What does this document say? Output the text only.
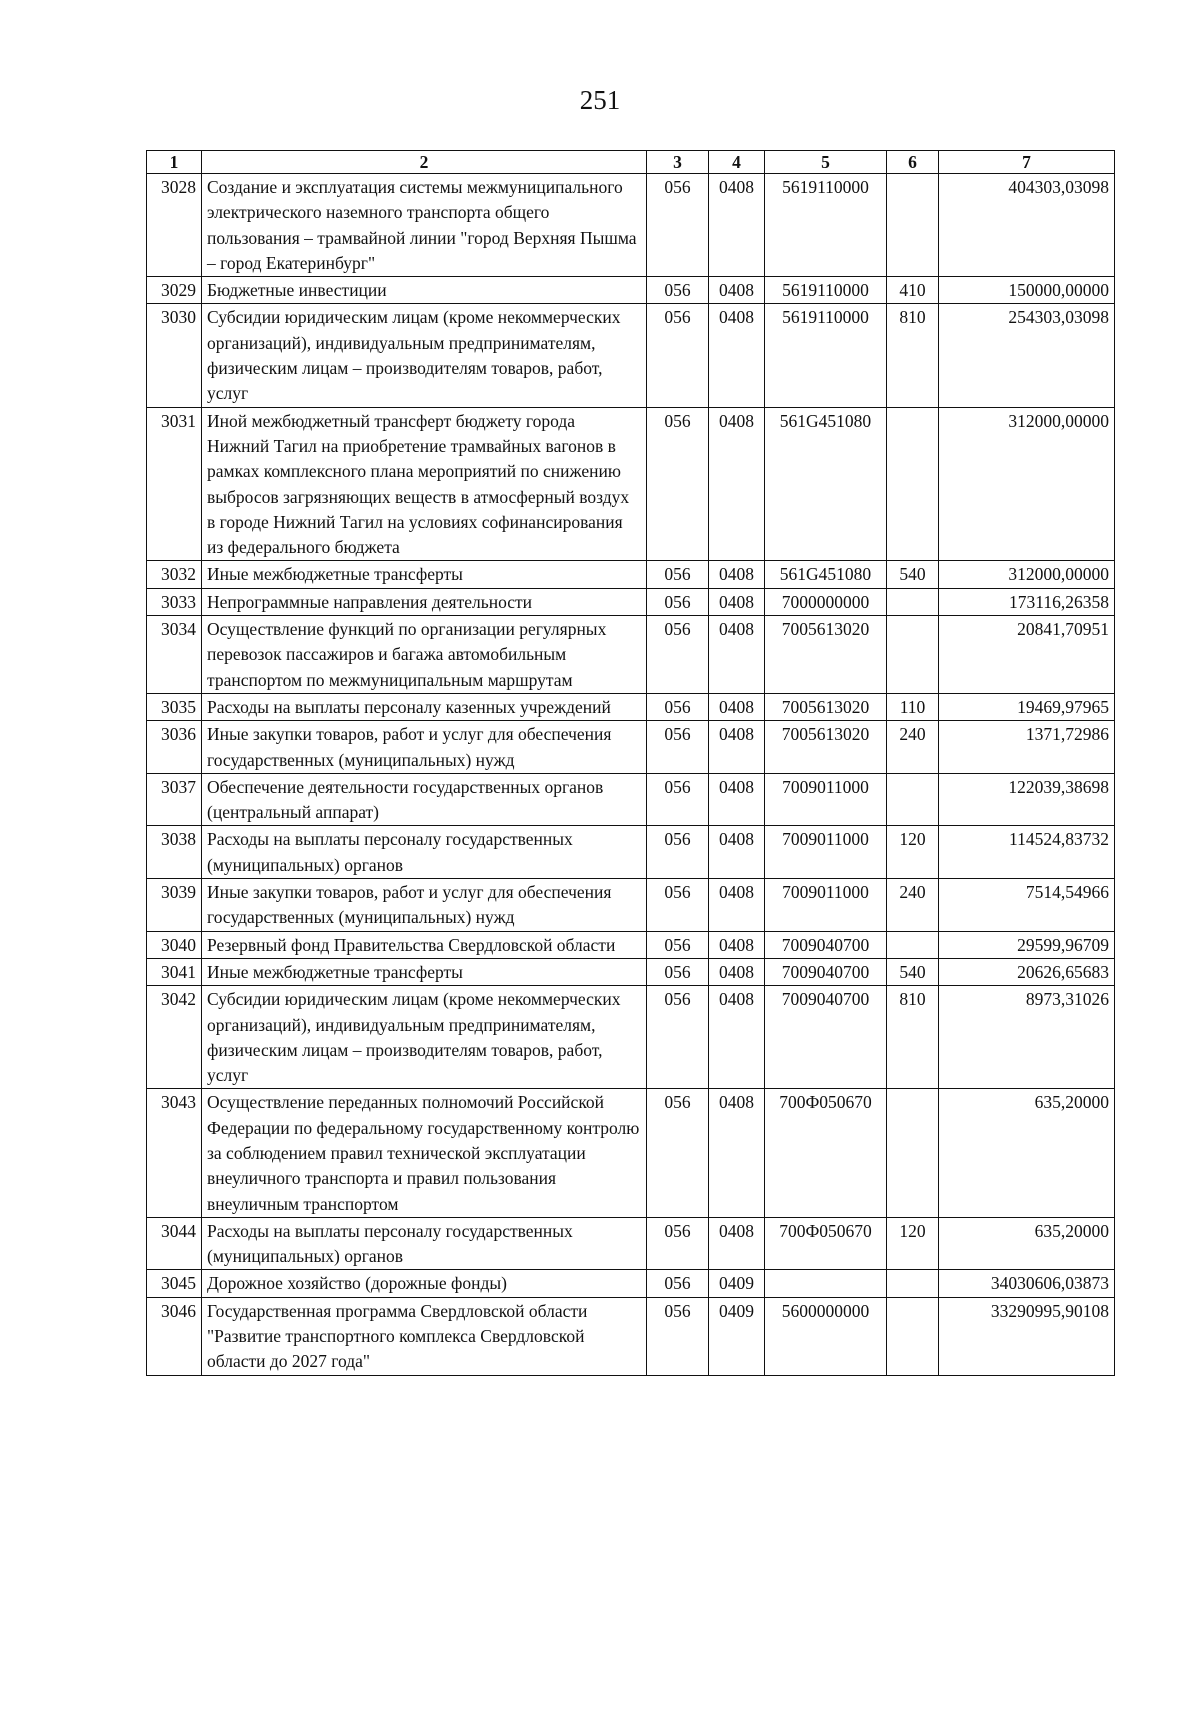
251
1	2	3	4	5	6	7
3028	Создание и эксплуатация системы межмуниципального электрического наземного транспорта общего пользования – трамвайной линии "город Верхняя Пышма – город Екатеринбург"	056	0408	5619110000		404303,03098
3029	Бюджетные инвестиции	056	0408	5619110000	410	150000,00000
3030	Субсидии юридическим лицам (кроме некоммерческих организаций), индивидуальным предпринимателям, физическим лицам – производителям товаров, работ, услуг	056	0408	5619110000	810	254303,03098
3031	Иной межбюджетный трансферт бюджету города Нижний Тагил на приобретение трамвайных вагонов в рамках комплексного плана мероприятий по снижению выбросов загрязняющих веществ в атмосферный воздух в городе Нижний Тагил на условиях софинансирования из федерального бюджета	056	0408	561G451080		312000,00000
3032	Иные межбюджетные трансферты	056	0408	561G451080	540	312000,00000
3033	Непрограммные направления деятельности	056	0408	7000000000		173116,26358
3034	Осуществление функций по организации регулярных перевозок пассажиров и багажа автомобильным транспортом по межмуниципальным маршрутам	056	0408	7005613020		20841,70951
3035	Расходы на выплаты персоналу казенных учреждений	056	0408	7005613020	110	19469,97965
3036	Иные закупки товаров, работ и услуг для обеспечения государственных (муниципальных) нужд	056	0408	7005613020	240	1371,72986
3037	Обеспечение деятельности государственных органов (центральный аппарат)	056	0408	7009011000		122039,38698
3038	Расходы на выплаты персоналу государственных (муниципальных) органов	056	0408	7009011000	120	114524,83732
3039	Иные закупки товаров, работ и услуг для обеспечения государственных (муниципальных) нужд	056	0408	7009011000	240	7514,54966
3040	Резервный фонд Правительства Свердловской области	056	0408	7009040700		29599,96709
3041	Иные межбюджетные трансферты	056	0408	7009040700	540	20626,65683
3042	Субсидии юридическим лицам (кроме некоммерческих организаций), индивидуальным предпринимателям, физическим лицам – производителям товаров, работ, услуг	056	0408	7009040700	810	8973,31026
3043	Осуществление переданных полномочий Российской Федерации по федеральному государственному контролю за соблюдением правил технической эксплуатации внеуличного транспорта и правил пользования внеуличным транспортом	056	0408	700Ф050670		635,20000
3044	Расходы на выплаты персоналу государственных (муниципальных) органов	056	0408	700Ф050670	120	635,20000
3045	Дорожное хозяйство (дорожные фонды)	056	0409			34030606,03873
3046	Государственная программа Свердловской области "Развитие транспортного комплекса Свердловской области до 2027 года"	056	0409	5600000000		33290995,90108
